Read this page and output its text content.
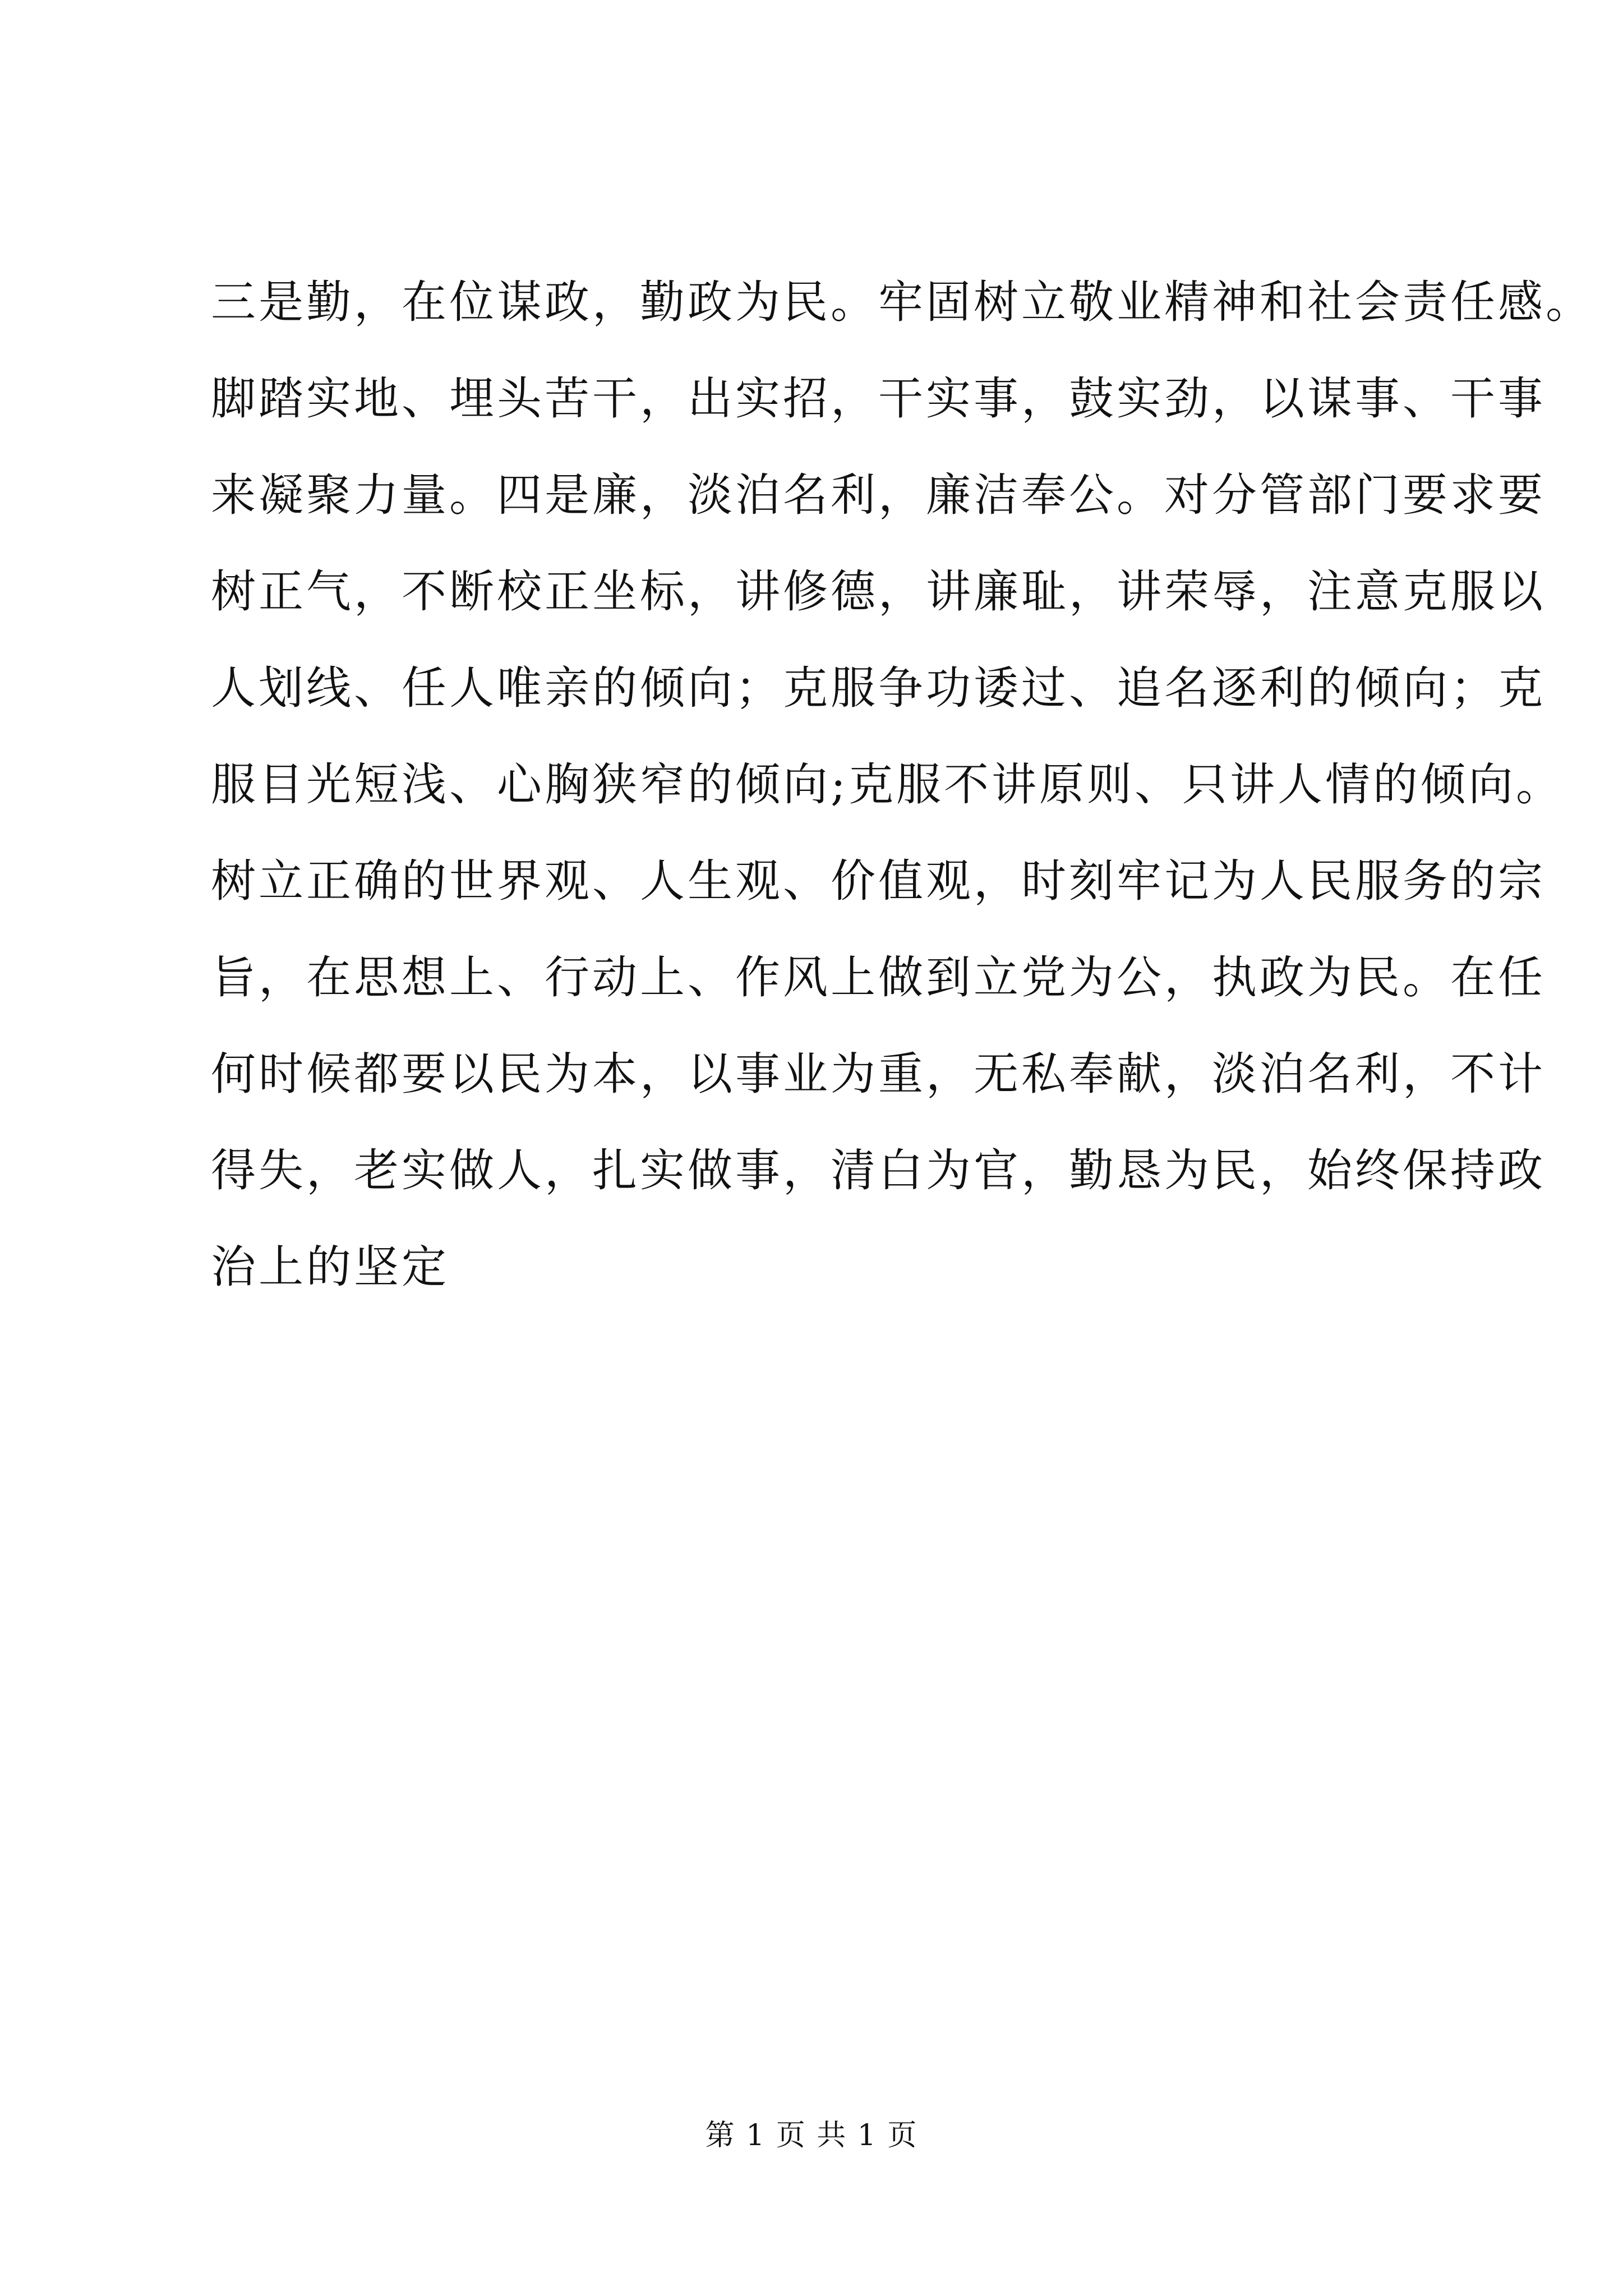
三是勤，在位谋政，勤政为民。牢固树立敬业精神和社会责任感。
脚踏实地、埋头苦干，出实招，干实事，鼓实劲，以谋事、干事
来凝聚力量。四是廉，淡泊名利，廉洁奉公。对分管部门要求要
树正气，不断校正坐标，讲修德，讲廉耻，讲荣辱，注意克服以
人划线、任人唯亲的倾向；克服争功诿过、追名逐利的倾向；克
服目光短浅、心胸狭窄的倾向;克服不讲原则、只讲人情的倾向。
树立正确的世界观、人生观、价值观，时刻牢记为人民服务的宗
旨，在思想上、行动上、作风上做到立党为公，执政为民。在任
何时候都要以民为本，以事业为重，无私奉献，淡泊名利，不计
得失，老实做人，扎实做事，清白为官，勤恳为民，始终保持政
治上的坚定
第 1 页 共 1 页
